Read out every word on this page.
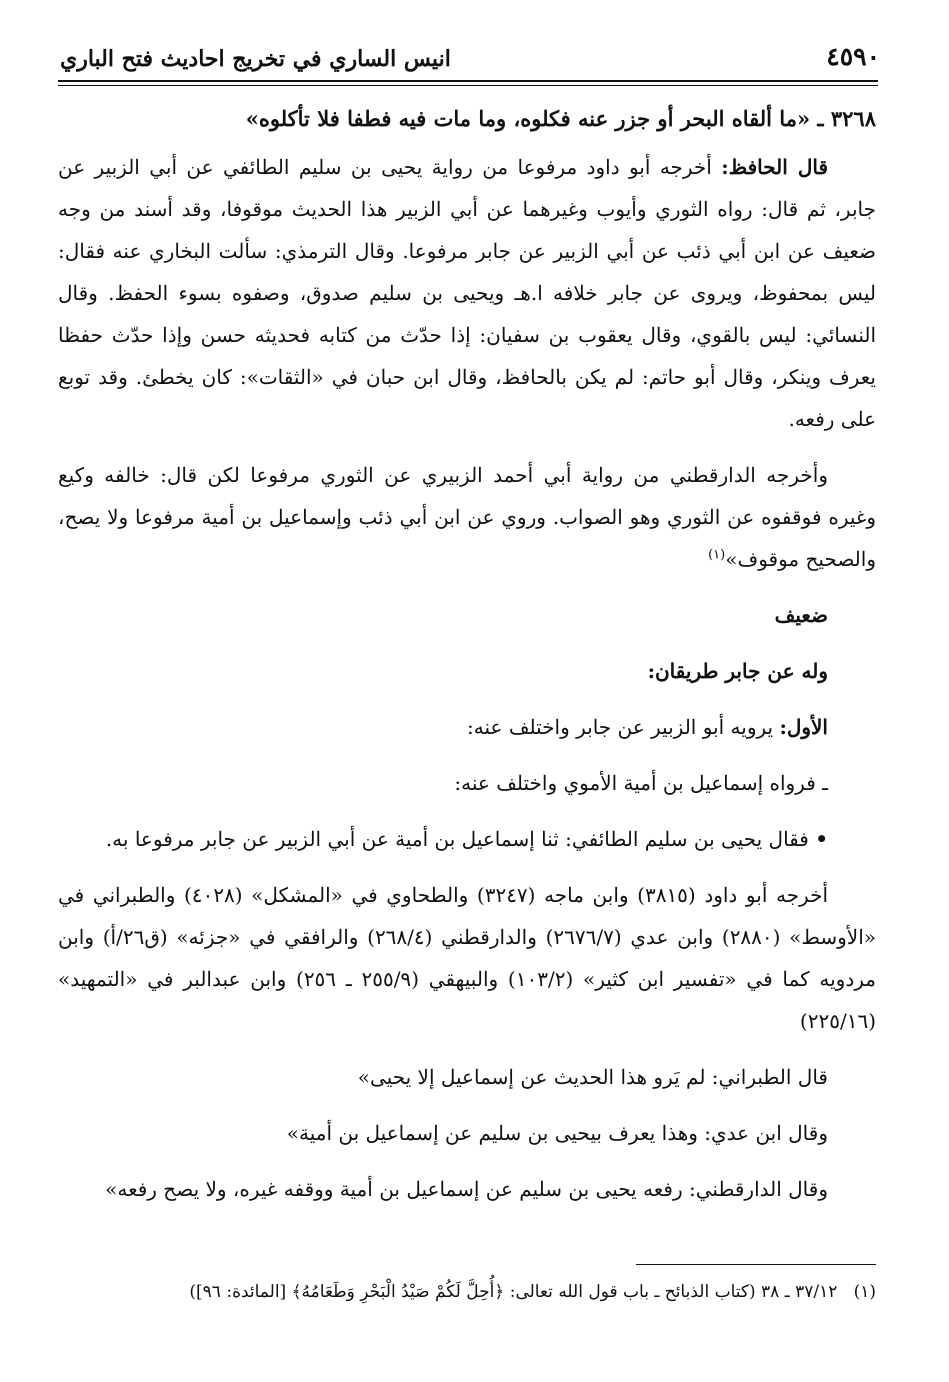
٤٥٩٠
انيس الساري في تخريج احاديث فتح الباري

٣٢٦٨ ـ «ما ألقاه البحر أو جزر عنه فكلوه، وما مات فيه فطفا فلا تأكلوه»

قال الحافظ: أخرجه أبو داود مرفوعا من رواية يحيى بن سليم الطائفي عن أبي الزبير عن جابر، ثم قال: رواه الثوري وأيوب وغيرهما عن أبي الزبير هذا الحديث موقوفا، وقد أسند من وجه ضعيف عن ابن أبي ذئب عن أبي الزبير عن جابر مرفوعا. وقال الترمذي: سألت البخاري عنه فقال: ليس بمحفوظ، ويروى عن جابر خلافه ا.هـ ويحيى بن سليم صدوق، وصفوه بسوء الحفظ. وقال النسائي: ليس بالقوي، وقال يعقوب بن سفيان: إذا حدّث من كتابه فحديثه حسن وإذا حدّث حفظا يعرف وينكر، وقال أبو حاتم: لم يكن بالحافظ، وقال ابن حبان في «الثقات»: كان يخطئ. وقد توبع على رفعه.

وأخرجه الدارقطني من رواية أبي أحمد الزبيري عن الثوري مرفوعا لكن قال: خالفه وكيع وغيره فوقفوه عن الثوري وهو الصواب. وروي عن ابن أبي ذئب وإسماعيل بن أمية مرفوعا ولا يصح، والصحيح موقوف»$^{(١)}$

ضعيف

وله عن جابر طريقان:

الأول: يرويه أبو الزبير عن جابر واختلف عنه:

ـ فرواه إسماعيل بن أمية الأموي واختلف عنه:

• فقال يحيى بن سليم الطائفي: ثنا إسماعيل بن أمية عن أبي الزبير عن جابر مرفوعا به.

أخرجه أبو داود (٣٨١٥) وابن ماجه (٣٢٤٧) والطحاوي في «المشكل» (٤٠٢٨) والطبراني في «الأوسط» (٢٨٨٠) وابن عدي (٢٦٧٦/٧) والدارقطني (٢٦٨/٤) والرافقي في «جزئه» (ق٢٦/أ) وابن مردويه كما في «تفسير ابن كثير» (١٠٣/٢) والبيهقي (٢٥٥/٩ ـ ٢٥٦) وابن عبدالبر في «التمهيد» (٢٢٥/١٦)

قال الطبراني: لم يَرو هذا الحديث عن إسماعيل إلا يحيى»

وقال ابن عدي: وهذا يعرف بيحيى بن سليم عن إسماعيل بن أمية»

وقال الدارقطني: رفعه يحيى بن سليم عن إسماعيل بن أمية ووقفه غيره، ولا يصح رفعه»

(١)   ٣٧/١٢ ـ ٣٨ (كتاب الذبائح ـ باب قول الله تعالى: ﴿أُحِلَّ لَكُمْ صَيْدُ الْبَحْرِ وَطَعَامُهُ﴾ [المائدة: ٩٦])
